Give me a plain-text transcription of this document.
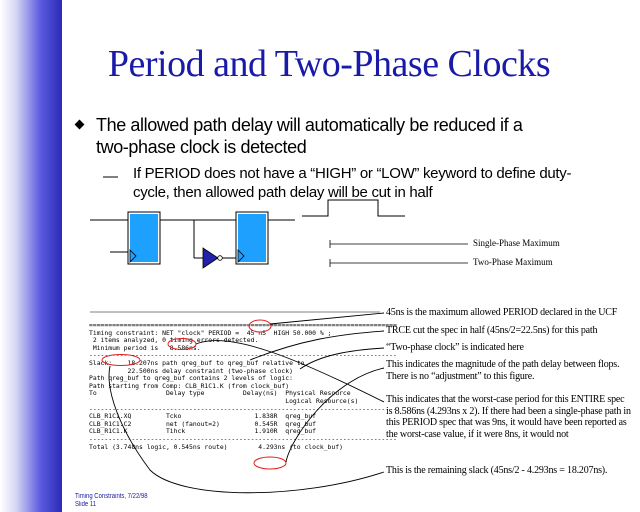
Period and Two-Phase Clocks
The allowed path delay will automatically be reduced if a two-phase clock is detected
— If PERIOD does not have a “HIGH” or “LOW” keyword to define duty-cycle, then allowed path delay will be cut in half
Single-Phase Maximum
Two-Phase Maximum
================================================================================
Timing constraint: NET "clock" PERIOD =  45 nS  HIGH 50.000 % ;
2 items analyzed, 0 timing errors detected.
Minimum period is   8.586ns.
--------------------------------------------------------------------------------
Slack:    18.207ns path qreg_buf to qreg_buf relative to
22.500ns delay constraint (two-phase clock)
Path qreg_buf to qreg_buf contains 2 levels of logic:
Path starting from Comp: CLB_R1C1.K (from clock_buf)
To                  Delay type          Delay(ns)  Physical Resource
Logical Resource(s)
--------------------------------------------------------------------------------
CLB_R1C1.XQ         Tcko                   1.838R  qreg_buf
CLB_R1C1.C2         net (fanout=2)         0.545R  qreg_buf
CLB_R1C1.K          Tihck                  1.910R  qreg_buf
--------------------------------------------------------------------------------
Total (3.748ns logic, 0.545ns route)        4.293ns (to clock_buf)
45ns is the maximum allowed PERIOD declared in the UCF
TRCE cut the spec in half (45ns/2=22.5ns) for this path
“Two-phase clock” is indicated here
This indicates the magnitude of the path delay between flops. There is no “adjustment” to this figure.
This indicates that the worst-case period for this ENTIRE spec is 8.586ns (4.293ns x 2). If there had been a single-phase path in this PERIOD spec that was 9ns, it would have been reported as the worst-case value, if it were 8ns, it would not
This is the remaining slack (45ns/2 - 4.293ns = 18.207ns).
Timing Constraints, 7/22/98
Slide 11
